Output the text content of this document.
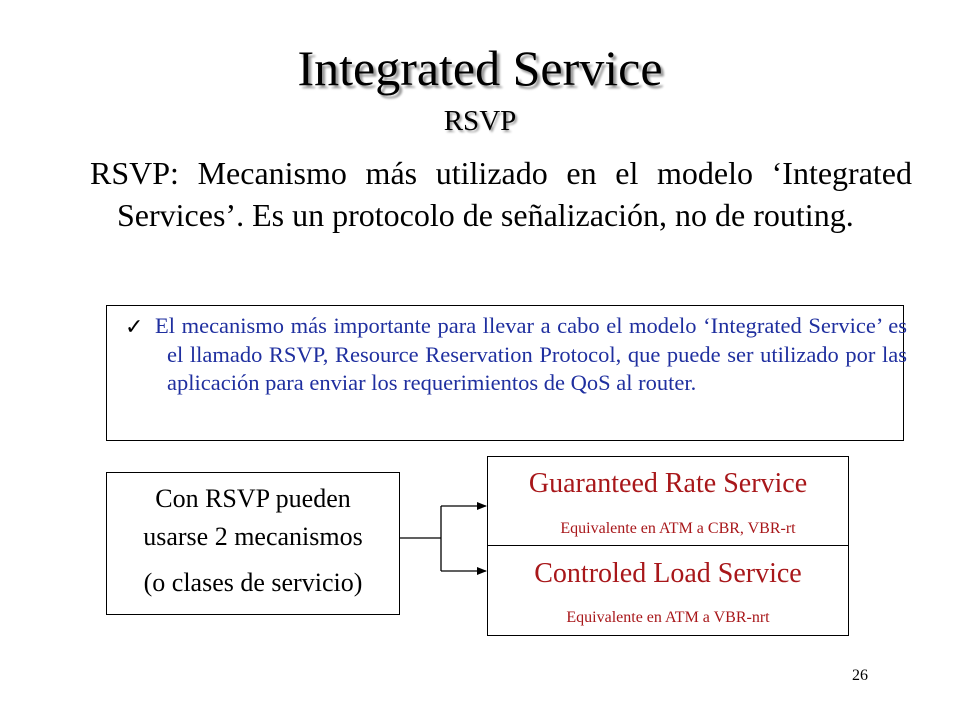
Integrated Service
RSVP
RSVP: Mecanismo más utilizado en el modelo ‘Integrated Services’. Es un protocolo de señalización, no de routing.
✓ El mecanismo más importante para llevar a cabo el modelo ‘Integrated Service’ es el llamado RSVP, Resource Reservation Protocol, que puede ser utilizado por las aplicación para enviar los requerimientos de QoS al router.
Con RSVP pueden
usarse 2 mecanismos
(o clases de servicio)
Guaranteed Rate Service
Equivalente en ATM a CBR, VBR-rt
Controled Load Service
Equivalente en ATM a VBR-nrt
26
